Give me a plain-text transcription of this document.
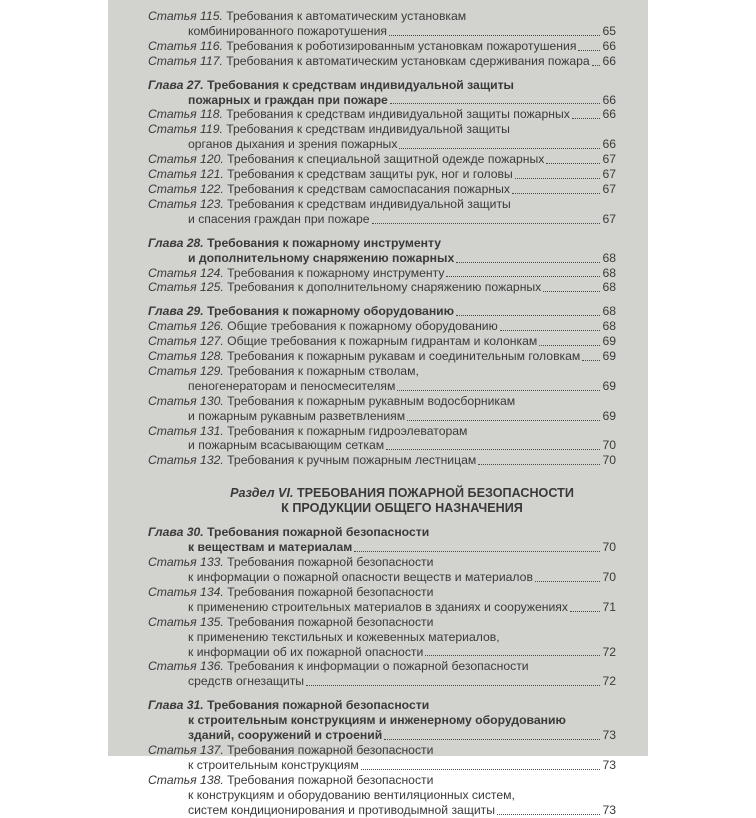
Статья 115. Требования к автоматическим установкам
комбинированного пожаротушения	65
Статья 116. Требования к роботизированным установкам пожаротушения 66
Статья 117. Требования к автоматическим установкам сдерживания пожара 66
Глава 27. Требования к средствам индивидуальной защиты
пожарных и граждан при пожаре	66
Статья 118. Требования к средствам индивидуальной защиты пожарных	66
Статья 119. Требования к средствам индивидуальной защиты
органов дыхания и зрения пожарных	66
Статья 120. Требования к специальной защитной одежде пожарных	67
Статья 121. Требования к средствам защиты рук, ног и головы	67
Статья 122. Требования к средствам самоспасания пожарных	67
Статья 123. Требования к средствам индивидуальной защиты
и спасения граждан при пожаре	67
Глава 28. Требования к пожарному инструменту
и дополнительному снаряжению пожарных	68
Статья 124. Требования к пожарному инструменту	68
Статья 125. Требования к дополнительному снаряжению пожарных	68
Глава 29. Требования к пожарному оборудованию	68
Статья 126. Общие требования к пожарному оборудованию	68
Статья 127. Общие требования к пожарным гидрантам и колонкам	69
Статья 128. Требования к пожарным рукавам и соединительным головкам 69
Статья 129. Требования к пожарным стволам,
пеногенераторам и пеносмесителям	69
Статья 130. Требования к пожарным рукавным водосборникам
и пожарным рукавным разветвлениям	69
Статья 131. Требования к пожарным гидроэлеваторам
и пожарным всасывающим сеткам	70
Статья 132. Требования к ручным пожарным лестницам	70
Раздел VI. ТРЕБОВАНИЯ ПОЖАРНОЙ БЕЗОПАСНОСТИ
К ПРОДУКЦИИ ОБЩЕГО НАЗНАЧЕНИЯ
Глава 30. Требования пожарной безопасности
к веществам и материалам	70
Статья 133. Требования пожарной безопасности
к информации о пожарной опасности веществ и материалов	70
Статья 134. Требования пожарной безопасности
к применению строительных материалов в зданиях и сооружениях	71
Статья 135. Требования пожарной безопасности
к применению текстильных и кожевенных материалов,
к информации об их пожарной опасности	72
Статья 136. Требования к информации о пожарной безопасности
средств огнезащиты	72
Глава 31. Требования пожарной безопасности
к строительным конструкциям и инженерному оборудованию
зданий, сооружений и строений	73
Статья 137. Требования пожарной безопасности
к строительным конструкциям	73
Статья 138. Требования пожарной безопасности
к конструкциям и оборудованию вентиляционных систем,
систем кондиционирования и противодымной защиты	73
